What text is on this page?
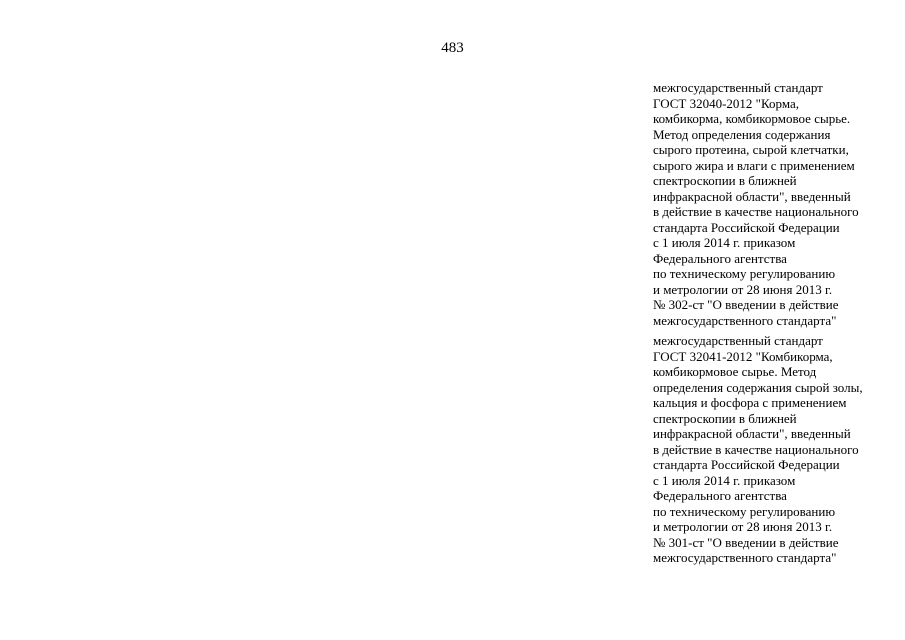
483
межгосударственный стандарт
ГОСТ 32040-2012 "Корма,
комбикорма, комбикормовое сырье.
Метод определения содержания
сырого протеина, сырой клетчатки,
сырого жира и влаги с применением
спектроскопии в ближней
инфракрасной области", введенный
в действие в качестве национального
стандарта Российской Федерации
с 1 июля 2014 г. приказом
Федерального агентства
по техническому регулированию
и метрологии от 28 июня 2013 г.
№ 302-ст "О введении в действие
межгосударственного стандарта"
межгосударственный стандарт
ГОСТ 32041-2012 "Комбикорма,
комбикормовое сырье. Метод
определения содержания сырой золы,
кальция и фосфора с применением
спектроскопии в ближней
инфракрасной области", введенный
в действие в качестве национального
стандарта Российской Федерации
с 1 июля 2014 г. приказом
Федерального агентства
по техническому регулированию
и метрологии от 28 июня 2013 г.
№ 301-ст "О введении в действие
межгосударственного стандарта"
